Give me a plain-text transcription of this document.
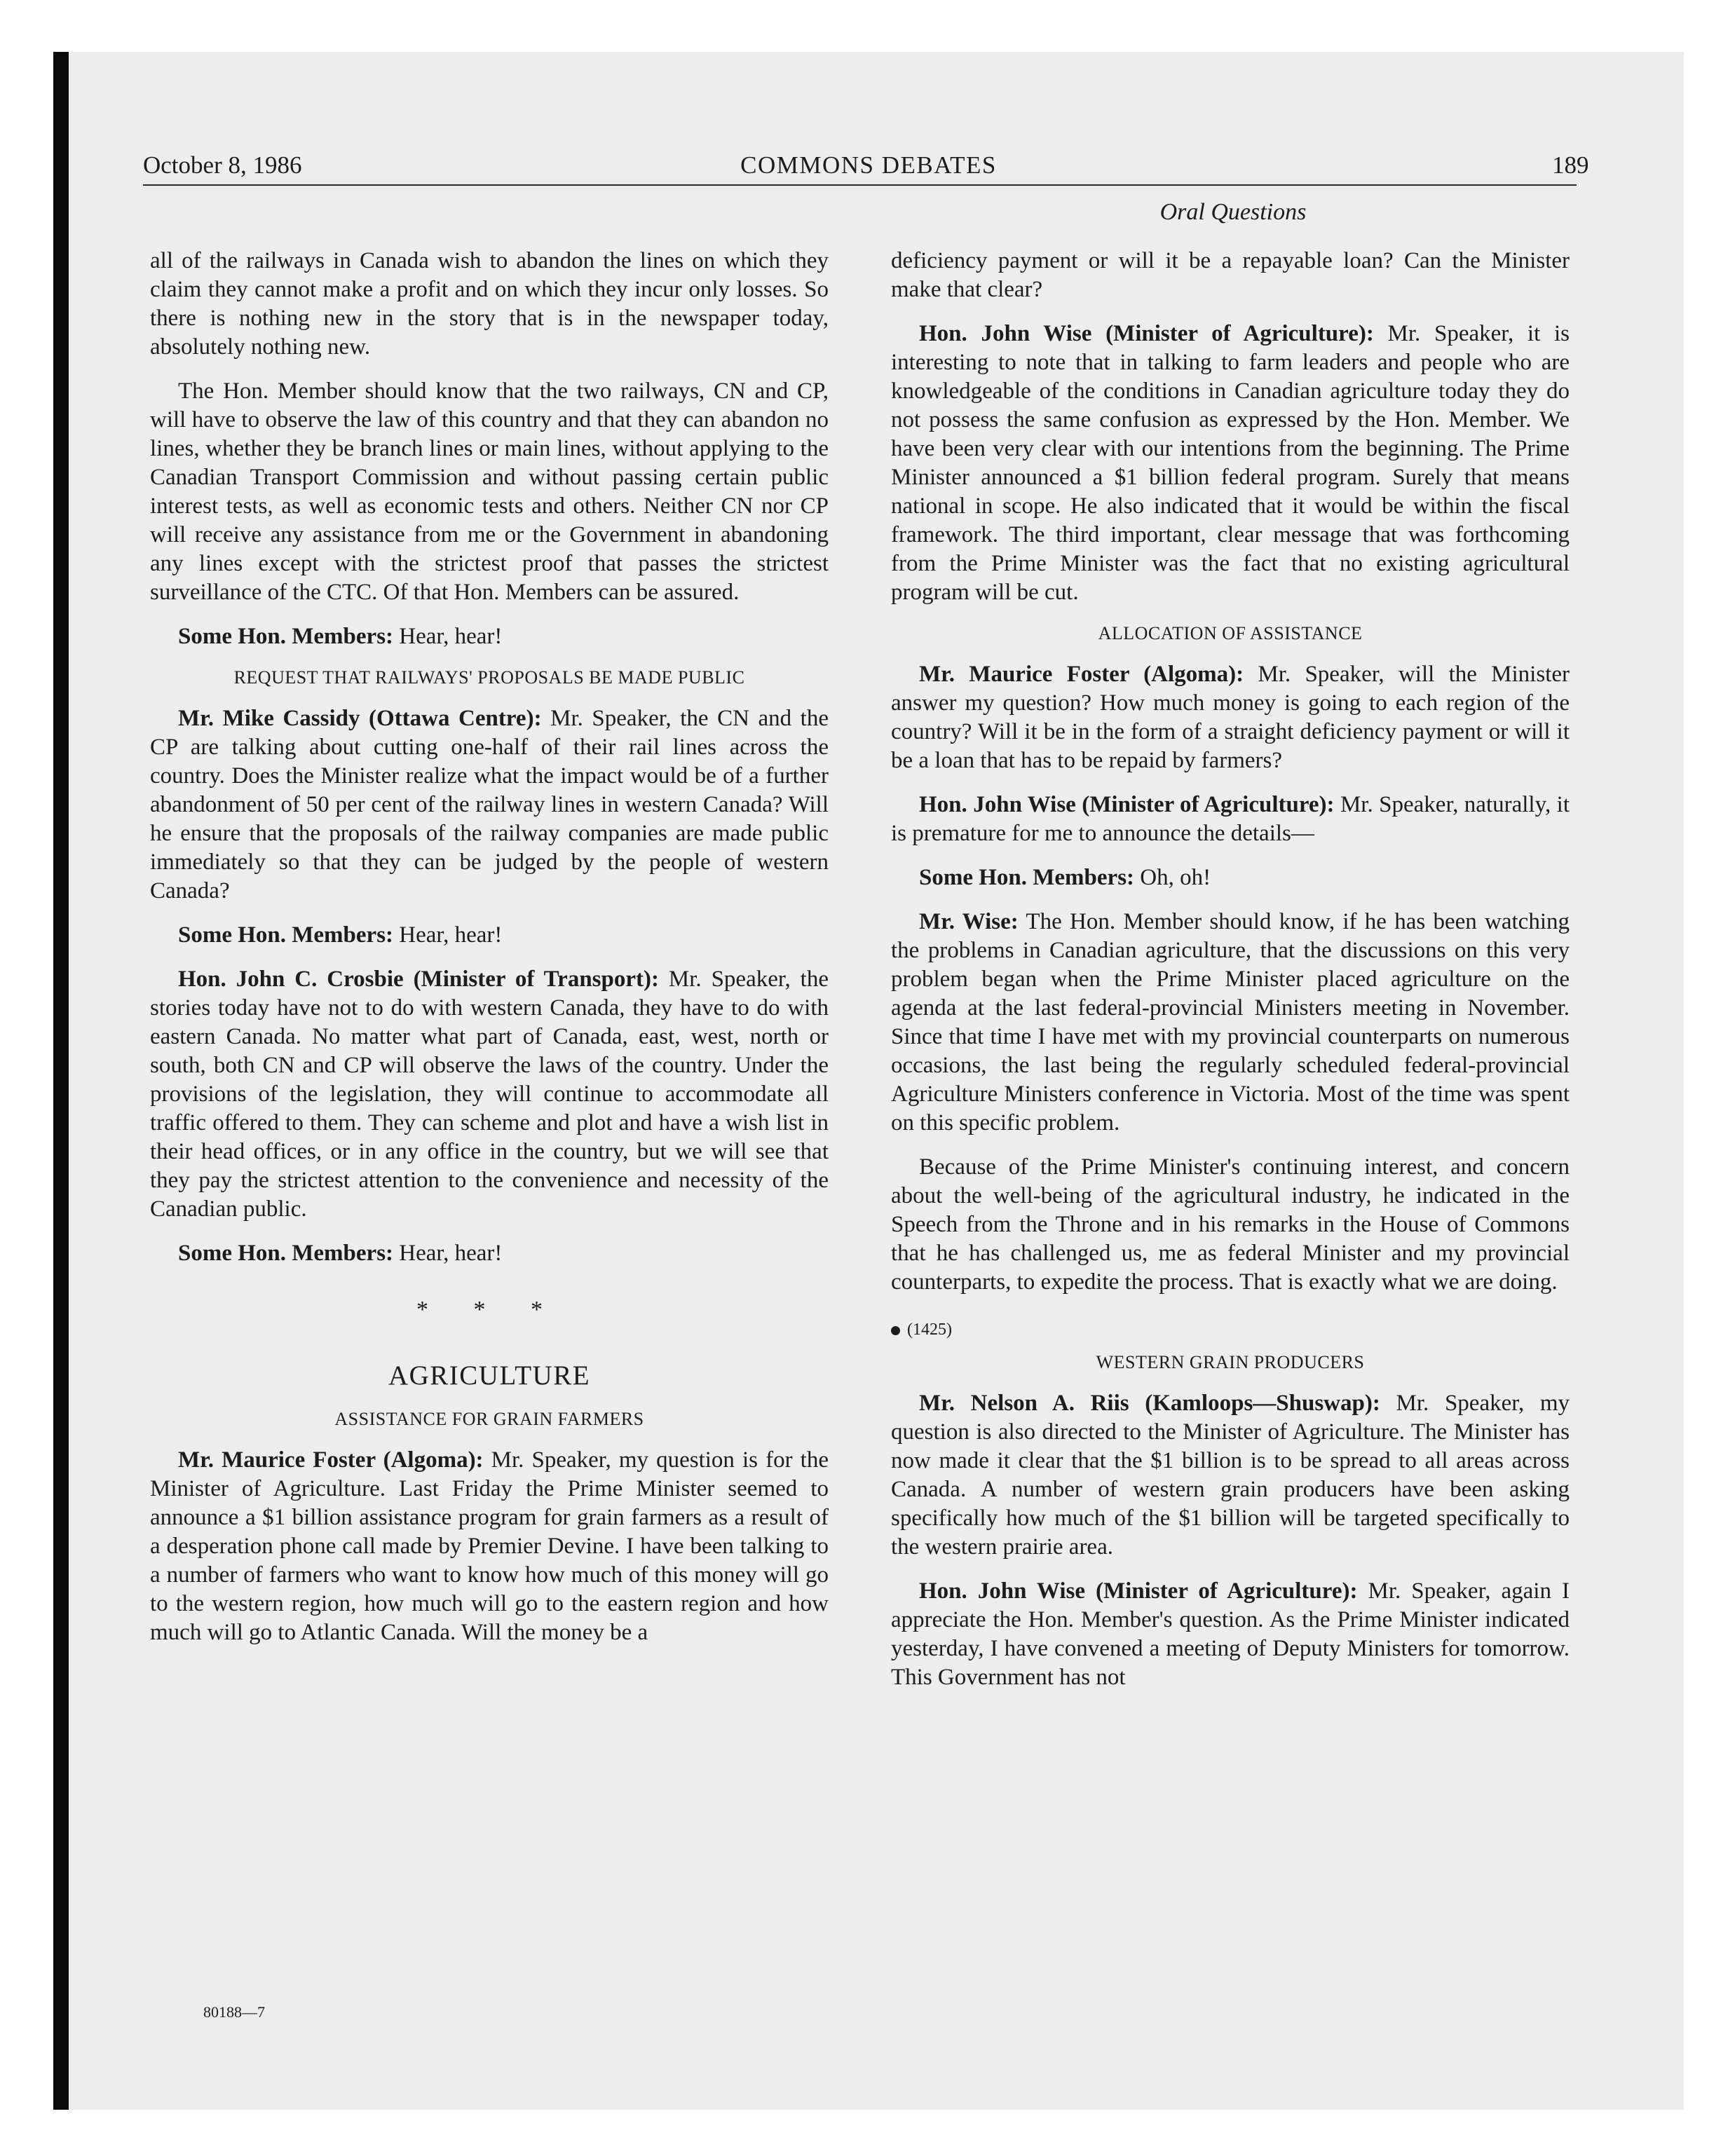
October 8, 1986	COMMONS DEBATES	189
Oral Questions

all of the railways in Canada wish to abandon the lines on which they claim they cannot make a profit and on which they incur only losses. So there is nothing new in the story that is in the newspaper today, absolutely nothing new.

The Hon. Member should know that the two railways, CN and CP, will have to observe the law of this country and that they can abandon no lines, whether they be branch lines or main lines, without applying to the Canadian Transport Commission and without passing certain public interest tests, as well as economic tests and others. Neither CN nor CP will receive any assistance from me or the Government in abandoning any lines except with the strictest proof that passes the strictest surveillance of the CTC. Of that Hon. Members can be assured.

Some Hon. Members: Hear, hear!

REQUEST THAT RAILWAYS' PROPOSALS BE MADE PUBLIC

Mr. Mike Cassidy (Ottawa Centre): Mr. Speaker, the CN and the CP are talking about cutting one-half of their rail lines across the country. Does the Minister realize what the impact would be of a further abandonment of 50 per cent of the railway lines in western Canada? Will he ensure that the proposals of the railway companies are made public immediately so that they can be judged by the people of western Canada?

Some Hon. Members: Hear, hear!

Hon. John C. Crosbie (Minister of Transport): Mr. Speaker, the stories today have not to do with western Canada, they have to do with eastern Canada. No matter what part of Canada, east, west, north or south, both CN and CP will observe the laws of the country. Under the provisions of the legislation, they will continue to accommodate all traffic offered to them. They can scheme and plot and have a wish list in their head offices, or in any office in the country, but we will see that they pay the strictest attention to the convenience and necessity of the Canadian public.

Some Hon. Members: Hear, hear!

* * *
AGRICULTURE
ASSISTANCE FOR GRAIN FARMERS

Mr. Maurice Foster (Algoma): Mr. Speaker, my question is for the Minister of Agriculture. Last Friday the Prime Minister seemed to announce a $1 billion assistance program for grain farmers as a result of a desperation phone call made by Premier Devine. I have been talking to a number of farmers who want to know how much of this money will go to the western region, how much will go to the eastern region and how much will go to Atlantic Canada. Will the money be a

deficiency payment or will it be a repayable loan? Can the Minister make that clear?

Hon. John Wise (Minister of Agriculture): Mr. Speaker, it is interesting to note that in talking to farm leaders and people who are knowledgeable of the conditions in Canadian agriculture today they do not possess the same confusion as expressed by the Hon. Member. We have been very clear with our intentions from the beginning. The Prime Minister announced a $1 billion federal program. Surely that means national in scope. He also indicated that it would be within the fiscal framework. The third important, clear message that was forthcoming from the Prime Minister was the fact that no existing agricultural program will be cut.

ALLOCATION OF ASSISTANCE

Mr. Maurice Foster (Algoma): Mr. Speaker, will the Minister answer my question? How much money is going to each region of the country? Will it be in the form of a straight deficiency payment or will it be a loan that has to be repaid by farmers?

Hon. John Wise (Minister of Agriculture): Mr. Speaker, naturally, it is premature for me to announce the details—

Some Hon. Members: Oh, oh!

Mr. Wise: The Hon. Member should know, if he has been watching the problems in Canadian agriculture, that the discussions on this very problem began when the Prime Minister placed agriculture on the agenda at the last federal-provincial Ministers meeting in November. Since that time I have met with my provincial counterparts on numerous occasions, the last being the regularly scheduled federal-provincial Agriculture Ministers conference in Victoria. Most of the time was spent on this specific problem.

Because of the Prime Minister's continuing interest, and concern about the well-being of the agricultural industry, he indicated in the Speech from the Throne and in his remarks in the House of Commons that he has challenged us, me as federal Minister and my provincial counterparts, to expedite the process. That is exactly what we are doing.

(1425)
WESTERN GRAIN PRODUCERS

Mr. Nelson A. Riis (Kamloops—Shuswap): Mr. Speaker, my question is also directed to the Minister of Agriculture. The Minister has now made it clear that the $1 billion is to be spread to all areas across Canada. A number of western grain producers have been asking specifically how much of the $1 billion will be targeted specifically to the western prairie area.

Hon. John Wise (Minister of Agriculture): Mr. Speaker, again I appreciate the Hon. Member's question. As the Prime Minister indicated yesterday, I have convened a meeting of Deputy Ministers for tomorrow. This Government has not

80188—7
